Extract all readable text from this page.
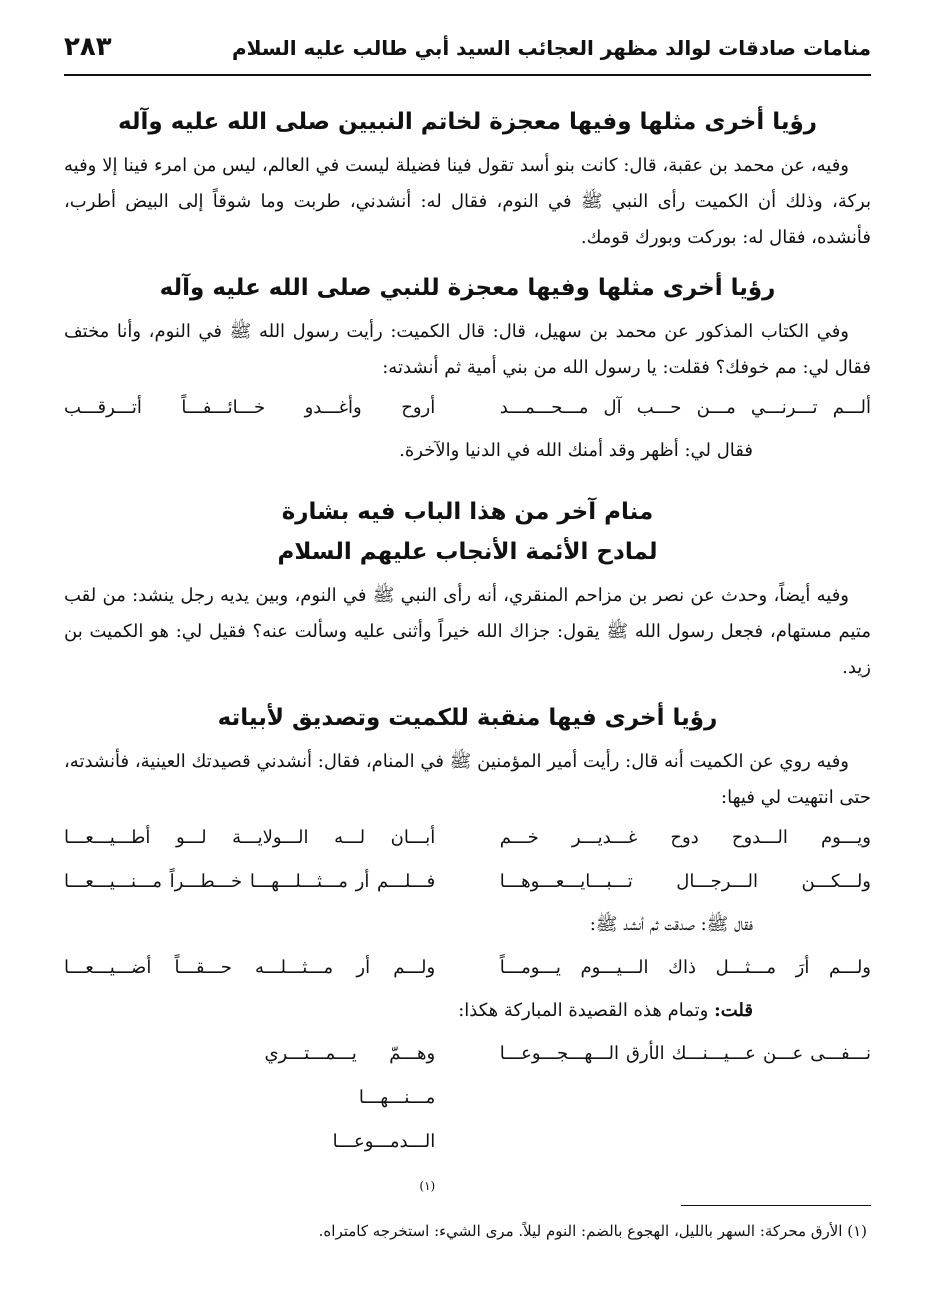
منامات صادقات لوالد مظهر العجائب السيد أبي طالب عليه السلام
٢٨٣
رؤيا أخرى مثلها وفيها معجزة لخاتم النبيين صلى الله عليه وآله

وفيه، عن محمد بن عقبة، قال: كانت بنو أسد تقول فينا فضيلة ليست في العالم، ليس من امرء فينا إلا وفيه بركة، وذلك أن الكميت رأى النبي ﷺ في النوم، فقال له: أنشدني، طربت وما شوقاً إلى البيض أطرب، فأنشده، فقال له: بوركت وبورك قومك.

رؤيا أخرى مثلها وفيها معجزة للنبي صلى الله عليه وآله

وفي الكتاب المذكور عن محمد بن سهيل، قال: قال الكميت: رأيت رسول الله ﷺ في النوم، وأنا مختف فقال لي: مم خوفك؟ فقلت: يا رسول الله من بني أمية ثم أنشدته:

ألـــم تـــرنـــي مـــن حـــب آل مـــحـــمـــد
أروح وأغـــدو خـــائـــفـــاً أتـــرقـــب

فقال لي: أظهر وقد أمنك الله في الدنيا والآخرة.

منام آخر من هذا الباب فيه بشارة
لمادح الأئمة الأنجاب عليهم السلام

وفيه أيضاً، وحدث عن نصر بن مزاحم المنقري، أنه رأى النبي ﷺ في النوم، وبين يديه رجل ينشد: من لقب متيم مستهام، فجعل رسول الله ﷺ يقول: جزاك الله خيراً وأثنى عليه وسألت عنه؟ فقيل لي: هو الكميت بن زيد.

رؤيا أخرى فيها منقبة للكميت وتصديق لأبياته

وفيه روي عن الكميت أنه قال: رأيت أمير المؤمنين ﷺ في المنام، فقال: أنشدني قصيدتك العينية، فأنشدته، حتى انتهيت لي فيها:

ويـــوم الـــدوح دوح غـــديـــر خـــم
أبـــان لـــه الـــولايـــة لـــو أطـــيـــعـــا
ولـــكـــن الـــرجـــال تـــبـــايـــعـــوهـــا
فـــلـــم أر مـــثـــلـــهـــا خـــطـــراً مـــنـــيـــعـــا

فقال ﷺ: صدقت ثم أنشد ﷺ:

ولـــم أرَ مـــثـــل ذاك الـــيـــوم يـــومـــاً
ولـــم أر مـــثـــلـــه حـــقـــاً أضـــيـــعـــا

قلت: وتمام هذه القصيدة المباركة هكذا:

نـــفـــى عـــن عـــيـــنـــك الأرق الـــهـــجـــوعـــا
وهـــمّ يـــمـــتـــري مـــنـــهـــا الـــدمـــوعـــا
(١)
(١) الأرق محركة: السهر بالليل، الهجوع بالضم: النوم ليلاً. مرى الشيء: استخرجه كامتراه.
